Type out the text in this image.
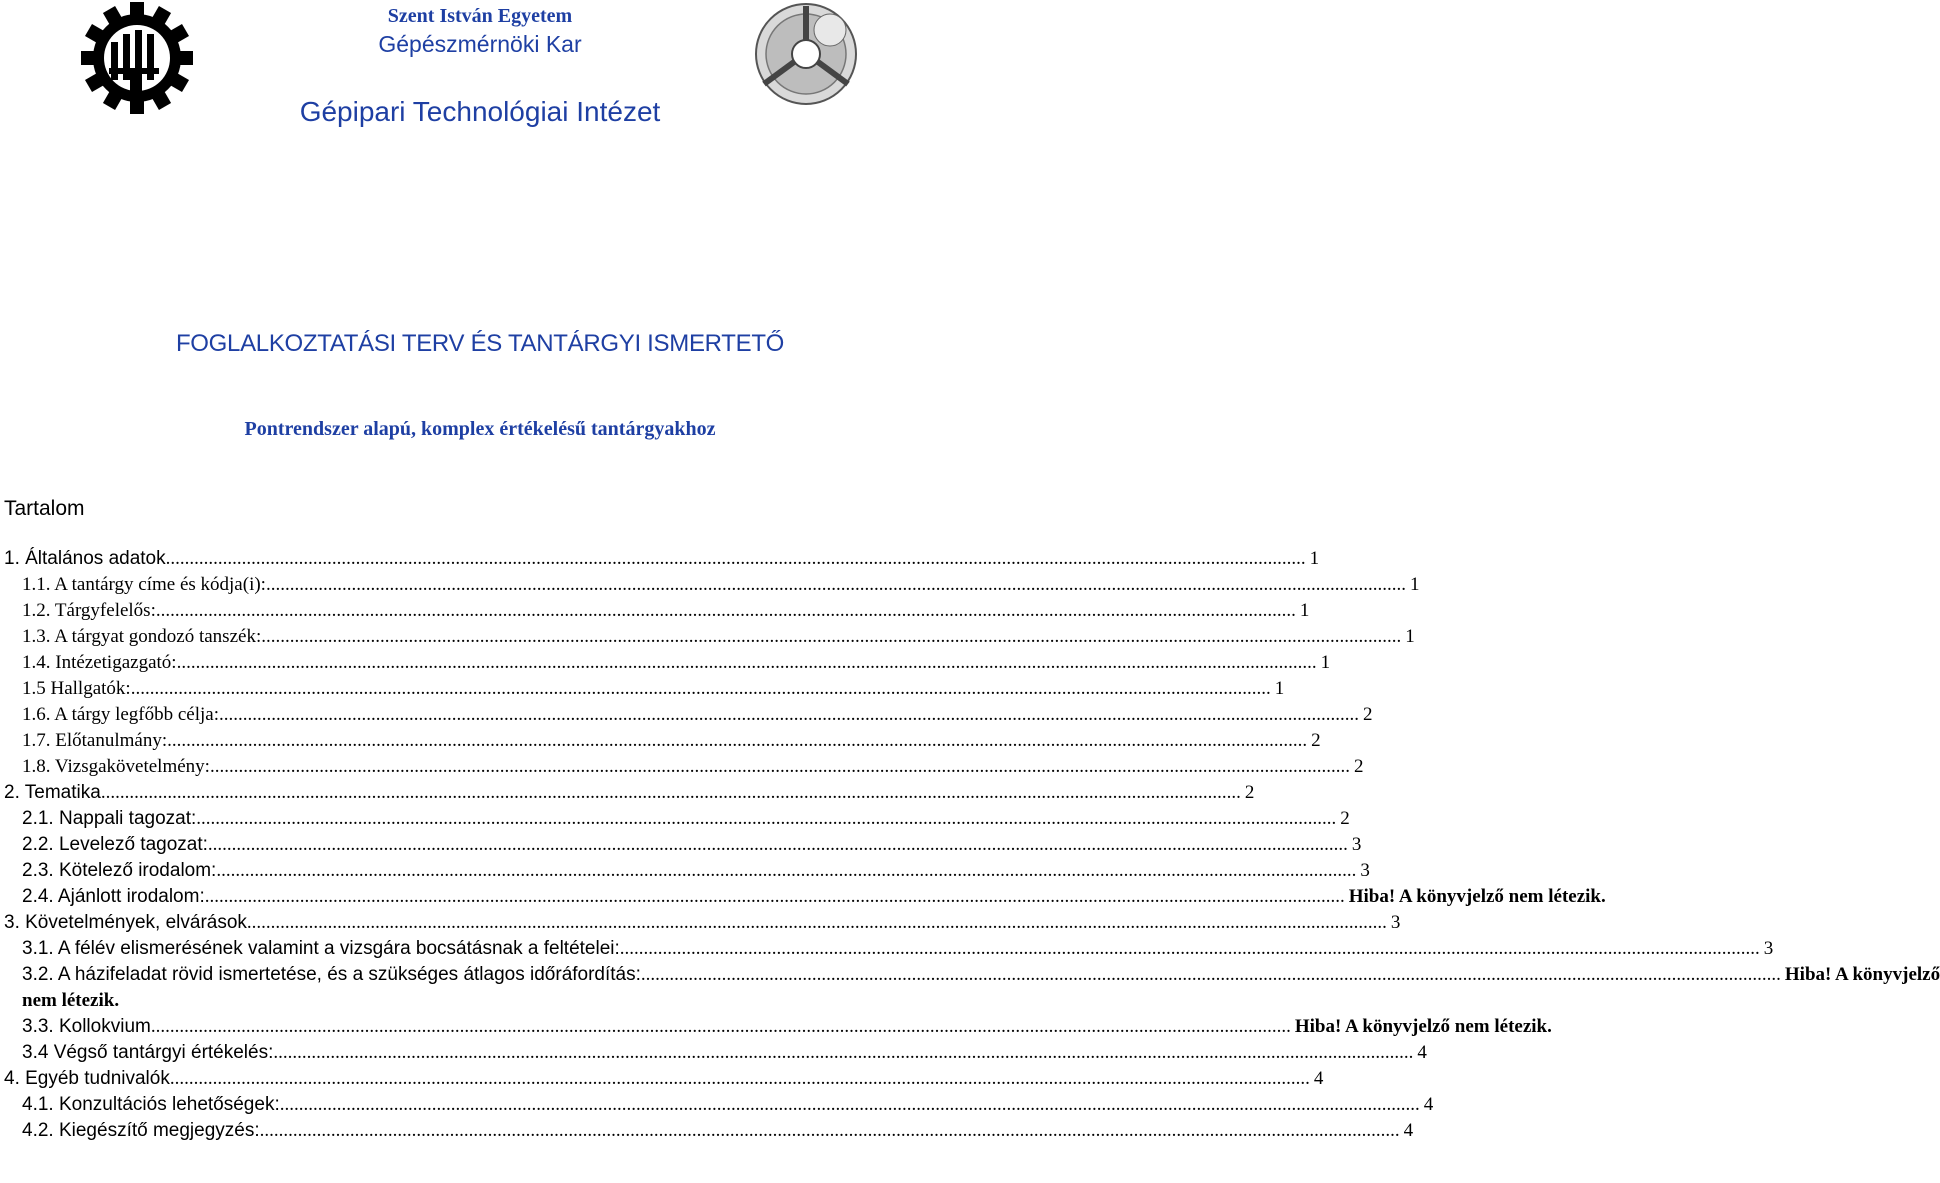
Szent István Egyetem
Gépészmérnöki Kar
Gépipari Technológiai Intézet
FOGLALKOZTATÁSI TERV ÉS TANTÁRGYI ISMERTETŐ
Pontrendszer alapú, komplex értékelésű tantárgyakhoz
Tartalom
1. Általános adatok .....	1
1.1. A tantárgy címe és kódja(i): .....	1
1.2. Tárgyfelelős: .....	1
1.3. A tárgyat gondozó tanszék: .....	1
1.4. Intézetigazgató: .....	1
1.5 Hallgatók: .....	1
1.6. A tárgy legfőbb célja: .....	2
1.7. Előtanulmány: .....	2
1.8. Vizsgakövetelmény: .....	2
2. Tematika .....	2
2.1. Nappali tagozat: .....	2
2.2. Levelező tagozat: .....	3
2.3. Kötelező irodalom: .....	3
2.4. Ajánlott irodalom: .....	Hiba! A könyvjelző nem létezik.
3. Követelmények, elvárások .....	3
3.1. A félév elismerésének valamint a vizsgára bocsátásnak a feltételei: .....	3
3.2. A házifeladat rövid ismertetése, és a szükséges átlagos időráfordítás: .....	Hiba! A könyvjelző
nem létezik.
3.3. Kollokvium .....	Hiba! A könyvjelző nem létezik.
3.4 Végső tantárgyi értékelés: .....	4
4. Egyéb tudnivalók .....	4
4.1. Konzultációs lehetőségek: .....	4
4.2. Kiegészítő megjegyzés: .....	4
